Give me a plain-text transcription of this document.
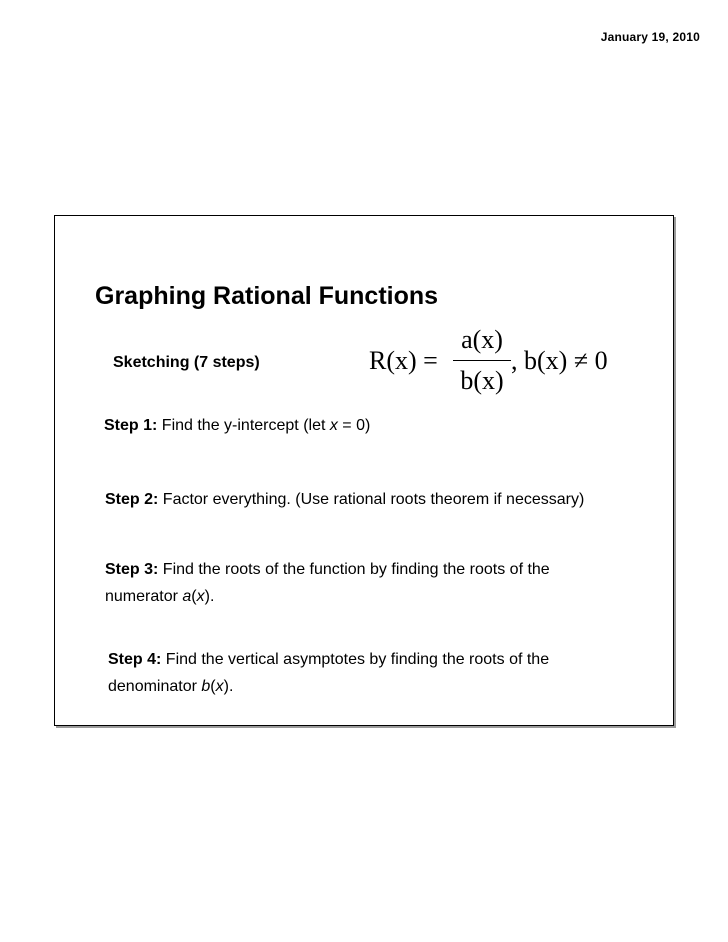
January 19, 2010
Graphing Rational Functions
Sketching (7 steps)	R(x) =
a(x)
b(x)
, b(x) ≠ 0
Step 1: Find the y-intercept (let x = 0)
Step 2: Factor everything. (Use rational roots theorem if necessary)
Step 3: Find the roots of the function by finding the roots of the
numerator a(x).
Step 4: Find the vertical asymptotes by finding the roots of the
denominator b(x).
